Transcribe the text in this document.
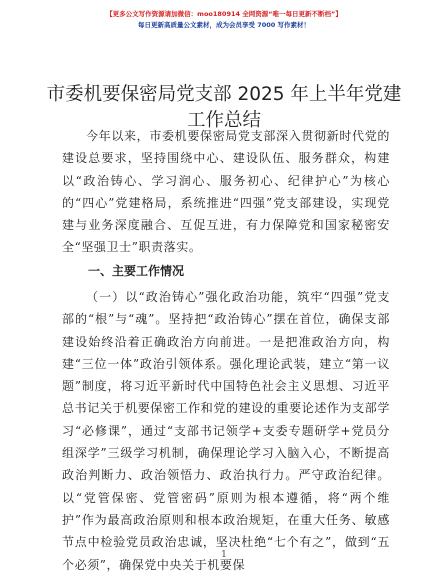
【更多公文写作资源请加微信：moo180914 全网资源“唯一每日更新不断档”】
每日更新高质量公文素材，成为会员享受 7000 写作素材！
市委机要保密局党支部 2025 年上半年党建工作总结

今年以来，市委机要保密局党支部深入贯彻新时代党的建设总要求，坚持围绕中心、建设队伍、服务群众，构建以“政治铸心、学习润心、服务初心、纪律护心”为核心的“四心”党建格局，系统推进“四强”党支部建设，实现党建与业务深度融合、互促互进，有力保障党和国家秘密安全“坚强卫士”职责落实。

一、主要工作情况

（一）以“政治铸心”强化政治功能，筑牢“四强”党支部的“根”与“魂”。坚持把“政治铸心”摆在首位，确保支部建设始终沿着正确政治方向前进。一是把准政治方向，构建“三位一体”政治引领体系。强化理论武装，建立“第一议题”制度，将习近平新时代中国特色社会主义思想、习近平总书记关于机要保密工作和党的建设的重要论述作为支部学习“必修课”，通过“支部书记领学+支委专题研学+党员分组深学”三级学习机制，确保理论学习入脑入心，不断提高政治判断力、政治领悟力、政治执行力。严守政治纪律。以“党管保密、党管密码”原则为根本遵循，将“两个维护”作为最高政治原则和根本政治规矩，在重大任务、敏感节点中检验党员政治忠诚，坚决杜绝“七个有之”，做到“五个必须”，确保党中央关于机要保

1
